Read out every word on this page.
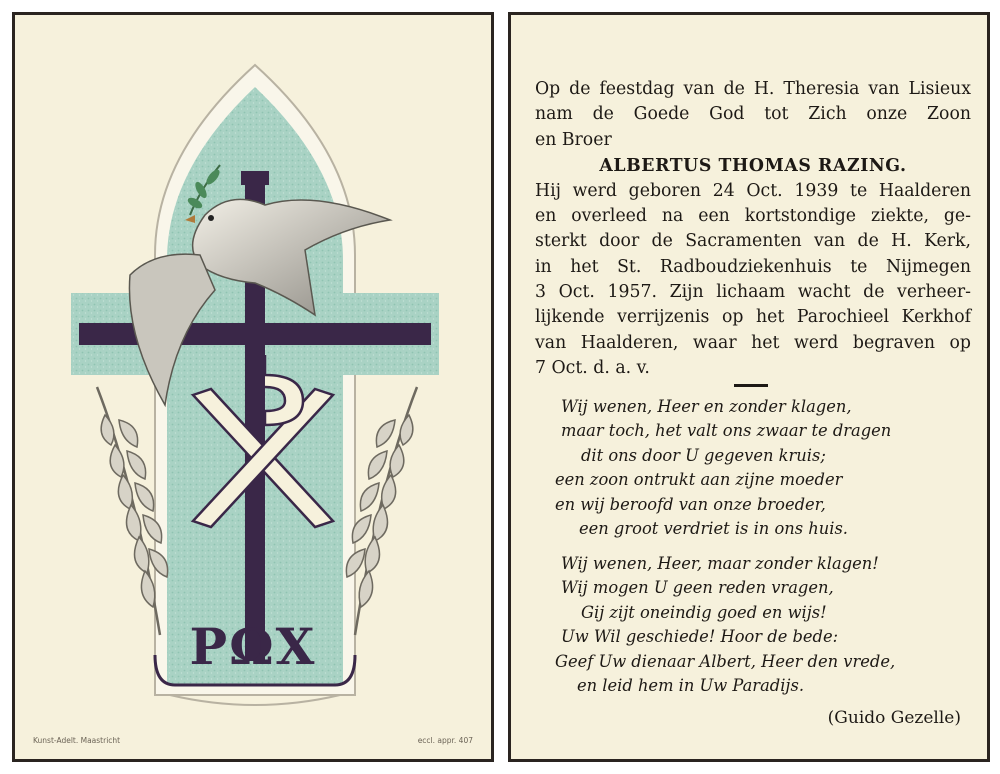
PΩX
Kunst-Adelt. Maastricht	eccl. appr. 407
Op de feestdag van de H. Theresia van Lisieux
nam de Goede God tot Zich onze Zoon
en Broer
ALBERTUS THOMAS RAZING.
Hij werd geboren 24 Oct. 1939 te Haalderen
en overleed na een kortstondige ziekte, ge-
sterkt door de Sacramenten van de H. Kerk,
in het St. Radboudziekenhuis te Nijmegen
3 Oct. 1957. Zijn lichaam wacht de verheer-
lijkende verrijzenis op het Parochieel Kerkhof
van Haalderen, waar het werd begraven op
7 Oct. d. a. v.
Wij wenen, Heer en zonder klagen,
maar toch, het valt ons zwaar te dragen
dit ons door U gegeven kruis;
een zoon ontrukt aan zijne moeder
en wij beroofd van onze broeder,
een groot verdriet is in ons huis.
Wij wenen, Heer, maar zonder klagen!
Wij mogen U geen reden vragen,
Gij zijt oneindig goed en wijs!
Uw Wil geschiede! Hoor de bede:
Geef Uw dienaar Albert, Heer den vrede,
en leid hem in Uw Paradijs.
(Guido Gezelle)
